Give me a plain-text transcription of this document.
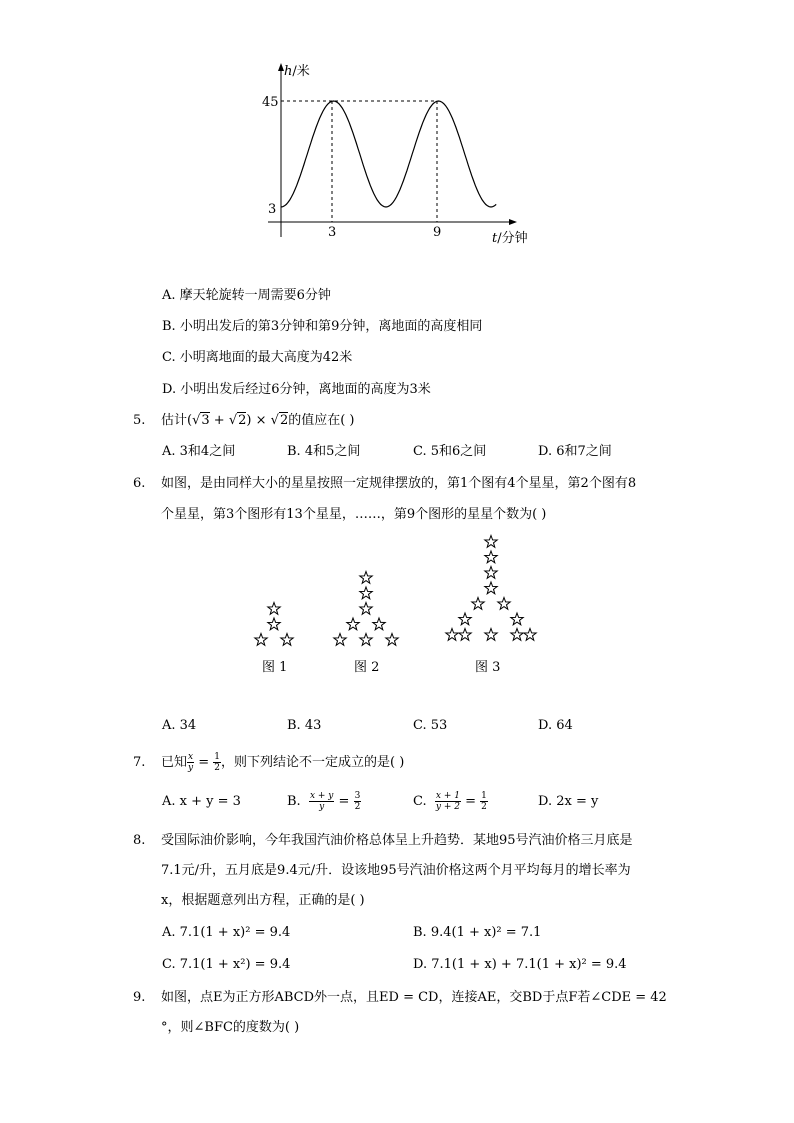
h/米
45
3
3	9	t/分钟
A. 摩天轮旋转一周需要6分钟
B. 小明出发后的第3分钟和第9分钟，离地面的高度相同
C. 小明离地面的最大高度为42米
D. 小明出发后经过6分钟，离地面的高度为3米
5. 估计(√3 + √2) × √2的值应在( )
A. 3和4之间	B. 4和5之间	C. 5和6之间	D. 6和7之间
6. 如图，是由同样大小的星星按照一定规律摆放的，第1个图有4个星星，第2个图有8
个星星，第3个图形有13个星星，……，第9个图形的星星个数为( )
图 1	图 2	图 3
A. 34	B. 43	C. 53	D. 64
7. 已知 $\frac{x}{y} = \frac{1}{2}$ ，则下列结论不一定成立的是( )
A. x + y = 3	B. $\frac{x + y}{y} = \frac{3}{2}$	C. $\frac{x + 1}{y + 2} = \frac{1}{2}$	D. 2x = y
8. 受国际油价影响，今年我国汽油价格总体呈上升趋势．某地95号汽油价格三月底是
7.1元/升，五月底是9.4元/升．设该地95号汽油价格这两个月平均每月的增长率为
x，根据题意列出方程，正确的是( )
A. 7.1(1 + x)² = 9.4	B. 9.4(1 + x)² = 7.1
C. 7.1(1 + x²) = 9.4	D. 7.1(1 + x) + 7.1(1 + x)² = 9.4
9. 如图，点E为正方形ABCD外一点，且ED = CD，连接AE，交BD于点F若∠CDE = 42
°，则∠BFC的度数为( )
